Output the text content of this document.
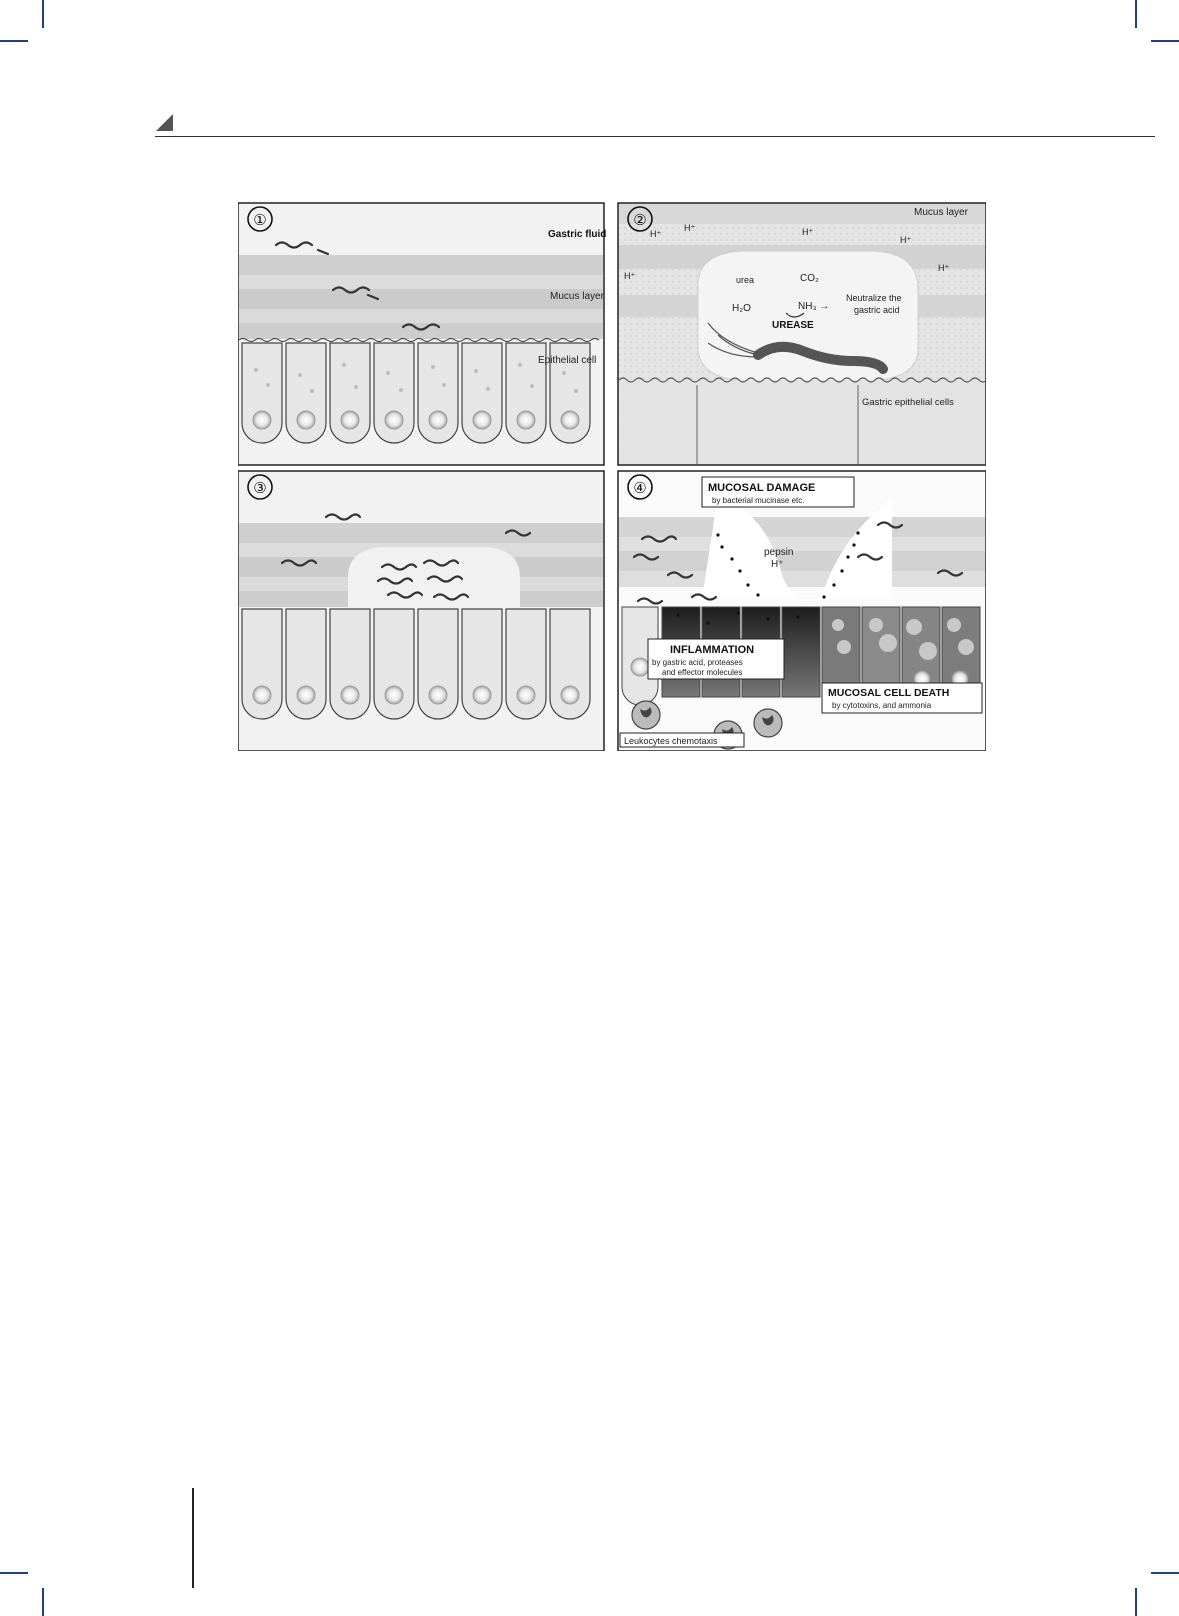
①
Gastric fluid
Mucus layer
Epithelial cell
②	Mucus layer
H⁺
H⁺	H⁺
H⁺
H⁺
H⁺
urea	CO₂
H₂O	NH₃ →
Neutralize the
gastric acid
UREASE
Gastric epithelial cells
③	④	MUCOSAL DAMAGE
by bacterial mucinase etc.
pepsin
H⁺
INFLAMMATION
by gastric acid, proteases
and effector molecules
MUCOSAL CELL DEATH
by cytotoxins, and ammonia
Leukocytes chemotaxis
